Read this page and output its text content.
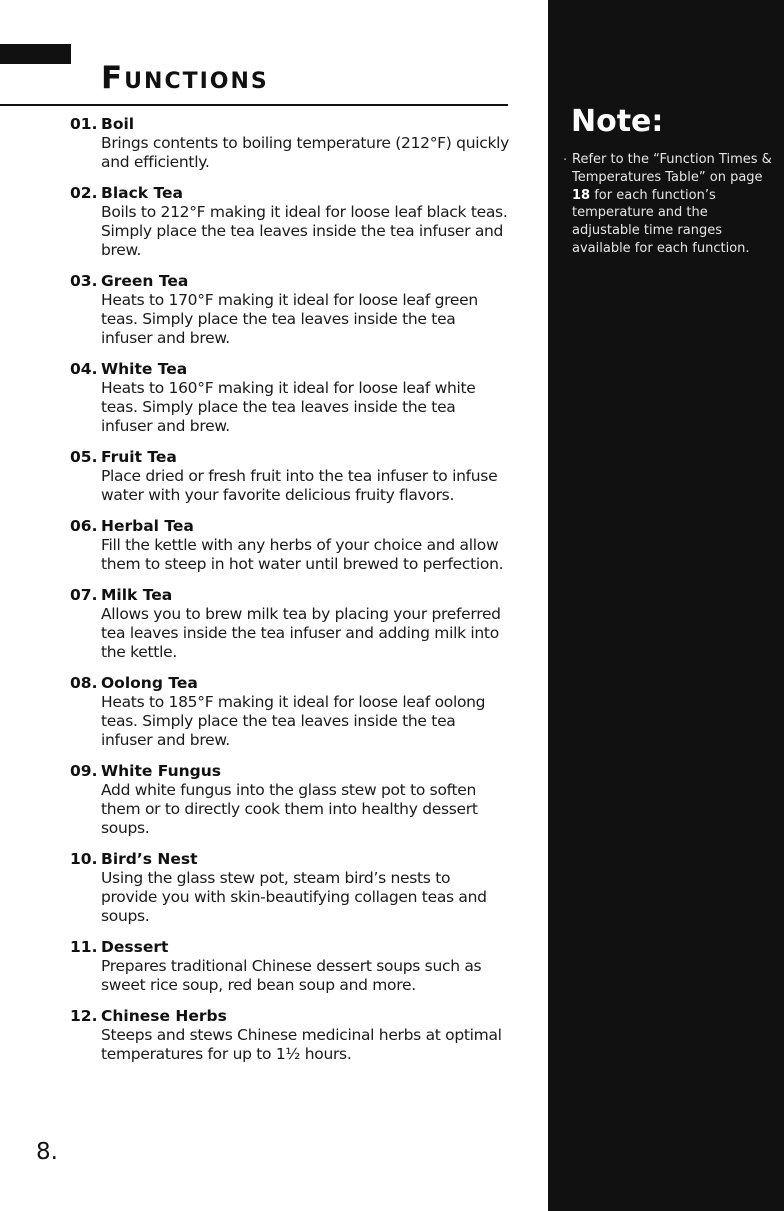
Functions
01. Boil
Brings contents to boiling temperature (212°F) quickly and efficiently.
02. Black Tea
Boils to 212°F making it ideal for loose leaf black teas. Simply place the tea leaves inside the tea infuser and brew.
03. Green Tea
Heats to 170°F making it ideal for loose leaf green teas. Simply place the tea leaves inside the tea infuser and brew.
04. White Tea
Heats to 160°F making it ideal for loose leaf white teas. Simply place the tea leaves inside the tea infuser and brew.
05. Fruit Tea
Place dried or fresh fruit into the tea infuser to infuse water with your favorite delicious fruity flavors.
06. Herbal Tea
Fill the kettle with any herbs of your choice and allow them to steep in hot water until brewed to perfection.
07. Milk Tea
Allows you to brew milk tea by placing your preferred tea leaves inside the tea infuser and adding milk into the kettle.
08. Oolong Tea
Heats to 185°F making it ideal for loose leaf oolong teas. Simply place the tea leaves inside the tea infuser and brew.
09. White Fungus
Add white fungus into the glass stew pot to soften them or to directly cook them into healthy dessert soups.
10. Bird’s Nest
Using the glass stew pot, steam bird’s nests to provide you with skin-beautifying collagen teas and soups.
11. Dessert
Prepares traditional Chinese dessert soups such as sweet rice soup, red bean soup and more.
12. Chinese Herbs
Steeps and stews Chinese medicinal herbs at optimal temperatures for up to 1½ hours.
8.
Note:
· Refer to the “Function Times & Temperatures Table” on page 18 for each function’s temperature and the adjustable time ranges available for each function.
